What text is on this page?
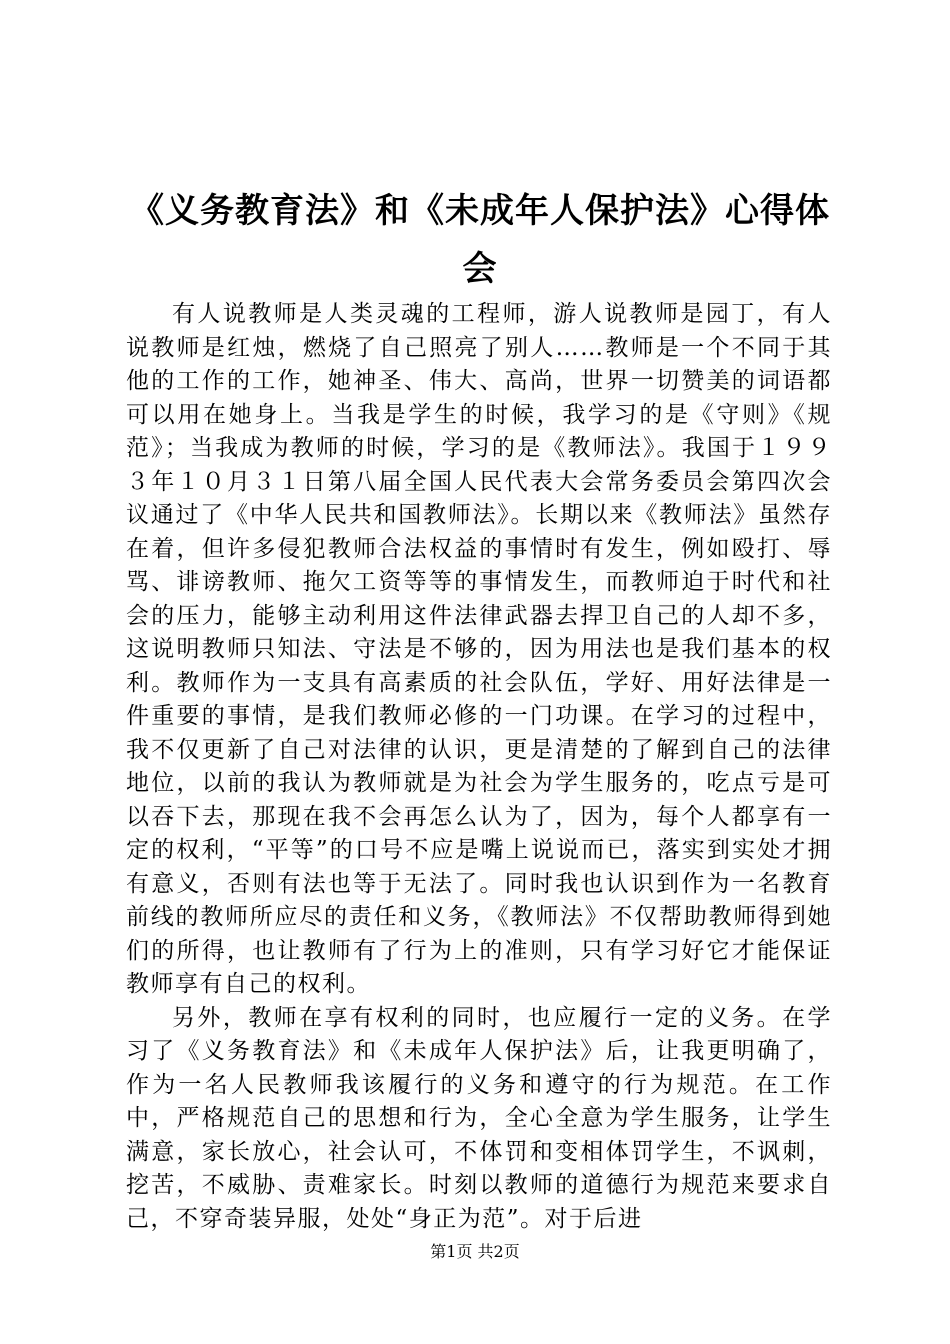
《义务教育法》和《未成年人保护法》心得体会

有人说教师是人类灵魂的工程师，游人说教师是园丁，有人说教师是红烛，燃烧了自己照亮了别人……教师是一个不同于其他的工作的工作，她神圣、伟大、高尚，世界一切赞美的词语都可以用在她身上。当我是学生的时候，我学习的是《守则》《规范》；当我成为教师的时候，学习的是《教师法》。我国于１９９３年１０月３１日第八届全国人民代表大会常务委员会第四次会议通过了《中华人民共和国教师法》。长期以来《教师法》虽然存在着，但许多侵犯教师合法权益的事情时有发生，例如殴打、辱骂、诽谤教师、拖欠工资等等的事情发生，而教师迫于时代和社会的压力，能够主动利用这件法律武器去捍卫自己的人却不多，这说明教师只知法、守法是不够的，因为用法也是我们基本的权利。教师作为一支具有高素质的社会队伍，学好、用好法律是一件重要的事情，是我们教师必修的一门功课。在学习的过程中，我不仅更新了自己对法律的认识，更是清楚的了解到自己的法律地位，以前的我认为教师就是为社会为学生服务的，吃点亏是可以吞下去，那现在我不会再怎么认为了，因为，每个人都享有一定的权利，“平等”的口号不应是嘴上说说而已，落实到实处才拥有意义，否则有法也等于无法了。同时我也认识到作为一名教育前线的教师所应尽的责任和义务，《教师法》不仅帮助教师得到她们的所得，也让教师有了行为上的准则，只有学习好它才能保证教师享有自己的权利。

另外，教师在享有权利的同时，也应履行一定的义务。在学习了《义务教育法》和《未成年人保护法》后，让我更明确了，作为一名人民教师我该履行的义务和遵守的行为规范。在工作中，严格规范自己的思想和行为，全心全意为学生服务，让学生满意，家长放心，社会认可，不体罚和变相体罚学生，不讽刺，挖苦，不威胁、责难家长。时刻以教师的道德行为规范来要求自己，不穿奇装异服，处处“身正为范”。对于后进

第1页 共2页
